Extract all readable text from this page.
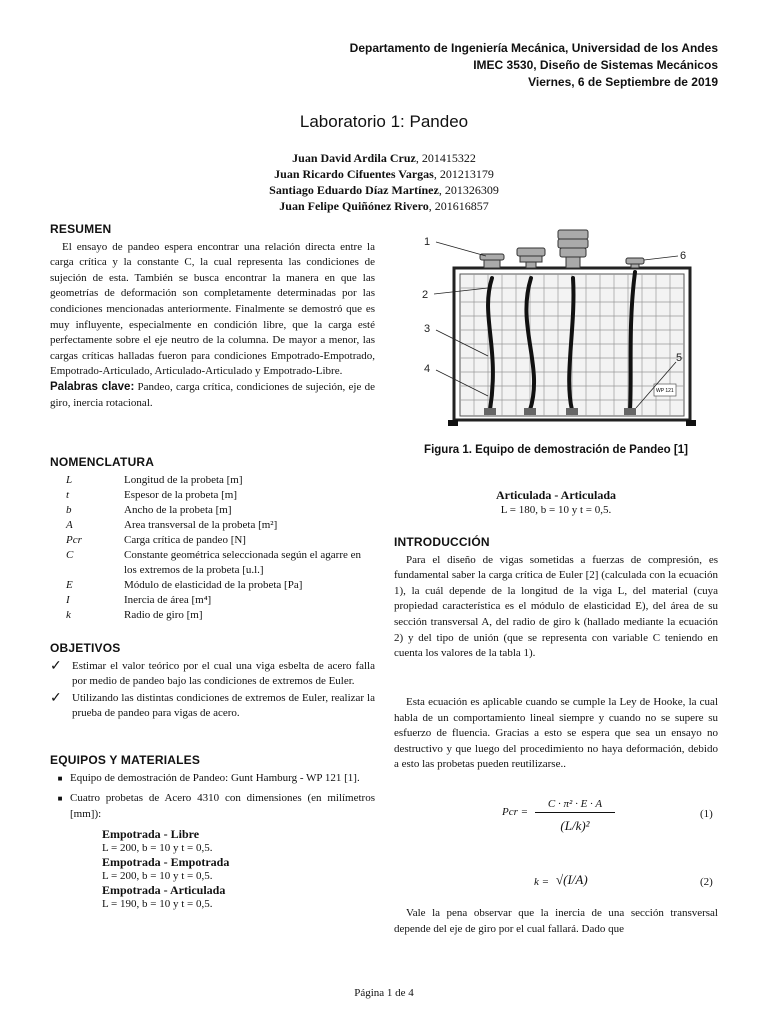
Departamento de Ingeniería Mecánica, Universidad de los Andes
IMEC 3530, Diseño de Sistemas Mecánicos
Viernes, 6 de Septiembre de 2019
Laboratorio 1: Pandeo
Juan David Ardila Cruz, 201415322
Juan Ricardo Cifuentes Vargas, 201213179
Santiago Eduardo Díaz Martínez, 201326309
Juan Felipe Quiñónez Rivero, 201616857
RESUMEN

El ensayo de pandeo espera encontrar una relación directa entre la carga crítica y la constante C, la cual representa las condiciones de sujeción de esta. También se busca encontrar la manera en que las geometrías de deformación son completamente determinadas por las condiciones mencionadas anteriormente. Finalmente se demostró que es muy influyente, especialmente en condición libre, que la carga esté perfectamente sobre el eje neutro de la columna. De mayor a menor, las cargas críticas halladas fueron para condiciones Empotrado-Empotrado, Empotrado-Articulado, Articulado-Articulado y Empotrado-Libre.

Palabras clave: Pandeo, carga crítica, condiciones de sujeción, eje de giro, inercia rotacional.
NOMENCLATURA
L	Longitud de la probeta [m]
t	Espesor de la probeta [m]
b	Ancho de la probeta [m]
A	Area transversal de la probeta [m²]
Pcr	Carga crítica de pandeo [N]
C	Constante geométrica seleccionada según el agarre en los extremos de la probeta [u.l.]
E	Módulo de elasticidad de la probeta [Pa]
I	Inercia de área [m⁴]
k	Radio de giro [m]
OBJETIVOS
✓ Estimar el valor teórico por el cual una viga esbelta de acero falla por medio de pandeo bajo las condiciones de extremos de Euler.
✓ Utilizando las distintas condiciones de extremos de Euler, realizar la prueba de pandeo para vigas de acero.
EQUIPOS Y MATERIALES
■ Equipo de demostración de Pandeo: Gunt Hamburg - WP 121 [1].
■ Cuatro probetas de Acero 4310 con dimensiones (en milímetros [mm]):
Empotrada - Libre
L = 200, b = 10 y t = 0,5.
Empotrada - Empotrada
L = 200, b = 10 y t = 0,5.
Empotrada - Articulada
L = 190, b = 10 y t = 0,5.
WP 121
1
2
3
4
5
6
Figura 1. Equipo de demostración de Pandeo [1]
Articulada - Articulada
L = 180, b = 10 y t = 0,5.
INTRODUCCIÓN

Para el diseño de vigas sometidas a fuerzas de compresión, es fundamental saber la carga crítica de Euler [2] (calculada con la ecuación 1), la cuál depende de la longitud de la viga L, del material (cuya propiedad característica es el módulo de elasticidad E), del área de su sección transversal A, del radio de giro k (hallado mediante la ecuación 2) y del tipo de unión (que se representa con variable C teniendo en cuenta los valores de la tabla 1).

Esta ecuación es aplicable cuando se cumple la Ley de Hooke, la cual habla de un comportamiento lineal siempre y cuando no se supere su esfuerzo de fluencia. Gracias a esto se espera que sea un ensayo no destructivo y que luego del procedimiento no haya deformación, debido a esto las probetas pueden reutilizarse..

Pcr =
C · π² · E · A
(L/k)²
(1)
k = √(I/A)	(2)

Vale la pena observar que la inercia de una sección transversal depende del eje de giro por el cual fallará. Dado que

Página 1 de 4
